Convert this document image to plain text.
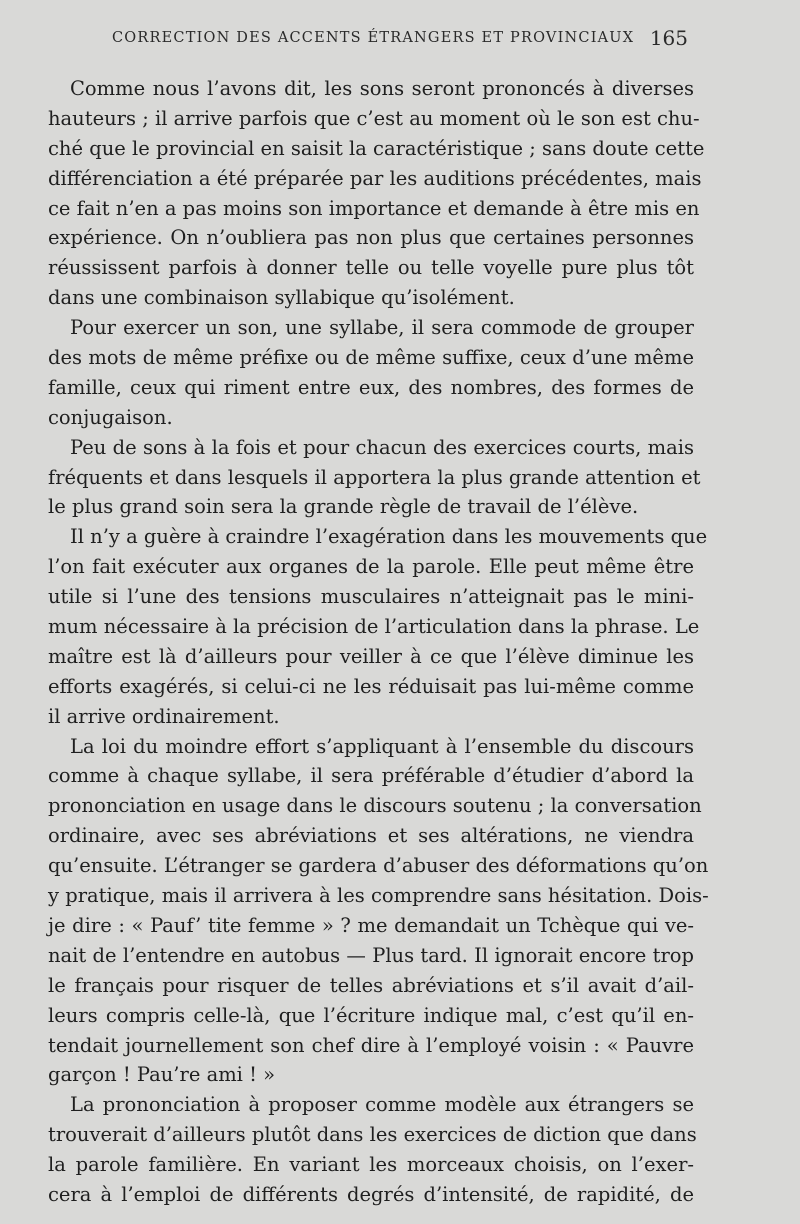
CORRECTION DES ACCENTS ÉTRANGERS ET PROVINCIAUX 165
Comme nous l’avons dit, les sons seront prononcés à diverses
hauteurs ; il arrive parfois que c’est au moment où le son est chu-
ché que le provincial en saisit la caractéristique ; sans doute cette
différenciation a été préparée par les auditions précédentes, mais
ce fait n’en a pas moins son importance et demande à être mis en
expérience. On n’oubliera pas non plus que certaines personnes
réussissent parfois à donner telle ou telle voyelle pure plus tôt
dans une combinaison syllabique qu’isolément.
Pour exercer un son, une syllabe, il sera commode de grouper
des mots de même préfixe ou de même suffixe, ceux d’une même
famille, ceux qui riment entre eux, des nombres, des formes de
conjugaison.
Peu de sons à la fois et pour chacun des exercices courts, mais
fréquents et dans lesquels il apportera la plus grande attention et
le plus grand soin sera la grande règle de travail de l’élève.
Il n’y a guère à craindre l’exagération dans les mouvements que
l’on fait exécuter aux organes de la parole. Elle peut même être
utile si l’une des tensions musculaires n’atteignait pas le mini-
mum nécessaire à la précision de l’articulation dans la phrase. Le
maître est là d’ailleurs pour veiller à ce que l’élève diminue les
efforts exagérés, si celui-ci ne les réduisait pas lui-même comme
il arrive ordinairement.
La loi du moindre effort s’appliquant à l’ensemble du discours
comme à chaque syllabe, il sera préférable d’étudier d’abord la
prononciation en usage dans le discours soutenu ; la conversation
ordinaire, avec ses abréviations et ses altérations, ne viendra
qu’ensuite. L’étranger se gardera d’abuser des déformations qu’on
y pratique, mais il arrivera à les comprendre sans hésitation. Dois-
je dire : « Pauf’ tite femme » ? me demandait un Tchèque qui ve-
nait de l’entendre en autobus — Plus tard. Il ignorait encore trop
le français pour risquer de telles abréviations et s’il avait d’ail-
leurs compris celle-là, que l’écriture indique mal, c’est qu’il en-
tendait journellement son chef dire à l’employé voisin : « Pauvre
garçon ! Pau’re ami ! »
La prononciation à proposer comme modèle aux étrangers se
trouverait d’ailleurs plutôt dans les exercices de diction que dans
la parole familière. En variant les morceaux choisis, on l’exer-
cera à l’emploi de différents degrés d’intensité, de rapidité, de
